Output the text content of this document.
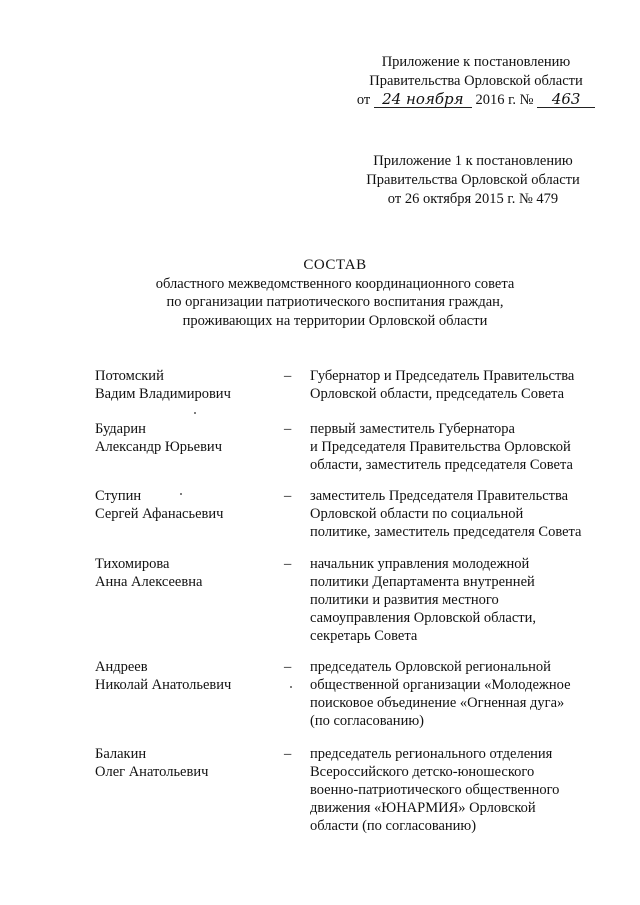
Приложение к постановлению
Правительства Орловской области
от 24 ноября 2016 г. № 463
Приложение 1 к постановлению
Правительства Орловской области
от 26 октября 2015 г. № 479
СОСТАВ
областного межведомственного координационного совета
по организации патриотического воспитания граждан,
проживающих на территории Орловской области
Потомский
Вадим Владимирович
– Губернатор и Председатель Правительства
Орловской области, председатель Совета
Бударин
Александр Юрьевич
– первый заместитель Губернатора
и Председателя Правительства Орловской
области, заместитель председателя Совета
Ступин
Сергей Афанасьевич
– заместитель Председателя Правительства
Орловской области по социальной
политике, заместитель председателя Совета
Тихомирова
Анна Алексеевна
– начальник управления молодежной
политики Департамента внутренней
политики и развития местного
самоуправления Орловской области,
секретарь Совета
Андреев
Николай Анатольевич
– председатель Орловской региональной
общественной организации «Молодежное
поисковое объединение «Огненная дуга»
(по согласованию)
Балакин
Олег Анатольевич
– председатель регионального отделения
Всероссийского детско-юношеского
военно-патриотического общественного
движения «ЮНАРМИЯ» Орловской
области (по согласованию)
